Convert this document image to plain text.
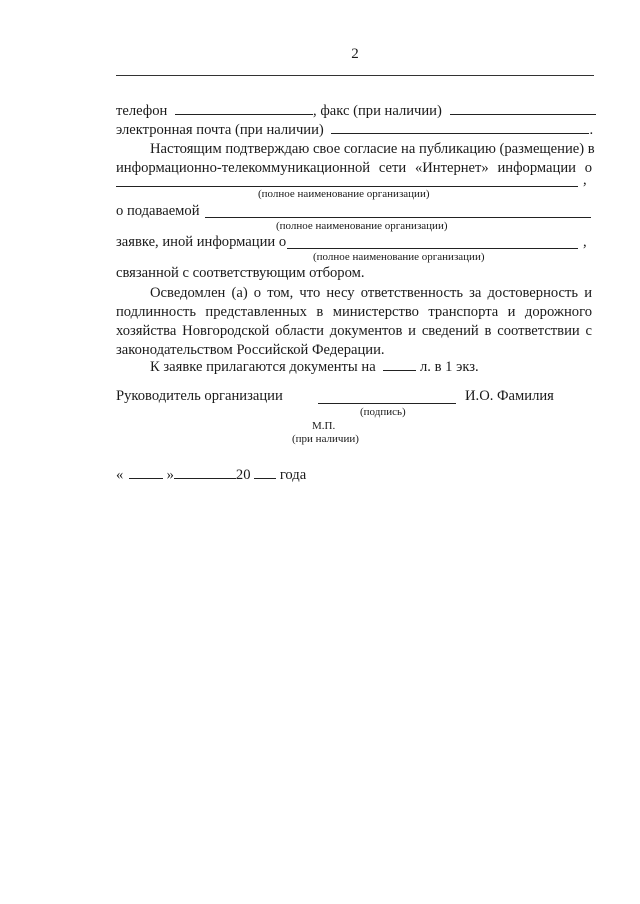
2
телефон	, факс (при наличии)
электронная почта (при наличии)	.
Настоящим подтверждаю свое согласие на публикацию (размещение) в
информационно-телекоммуникационной сети «Интернет» информации о
,
(полное наименование организации)
о подаваемой
(полное наименование организации)
заявке, иной информации о	,
(полное наименование организации)
связанной с соответствующим отбором.
Осведомлен (а) о том, что несу ответственность за достоверность и
подлинность представленных в министерство транспорта и дорожного
хозяйства Новгородской области документов и сведений в соответствии с
законодательством Российской Федерации.
К заявке прилагаются документы на	л. в 1 экз.
Руководитель организации	И.О. Фамилия
(подпись)
М.П.
(при наличии)
«	»	20 года
